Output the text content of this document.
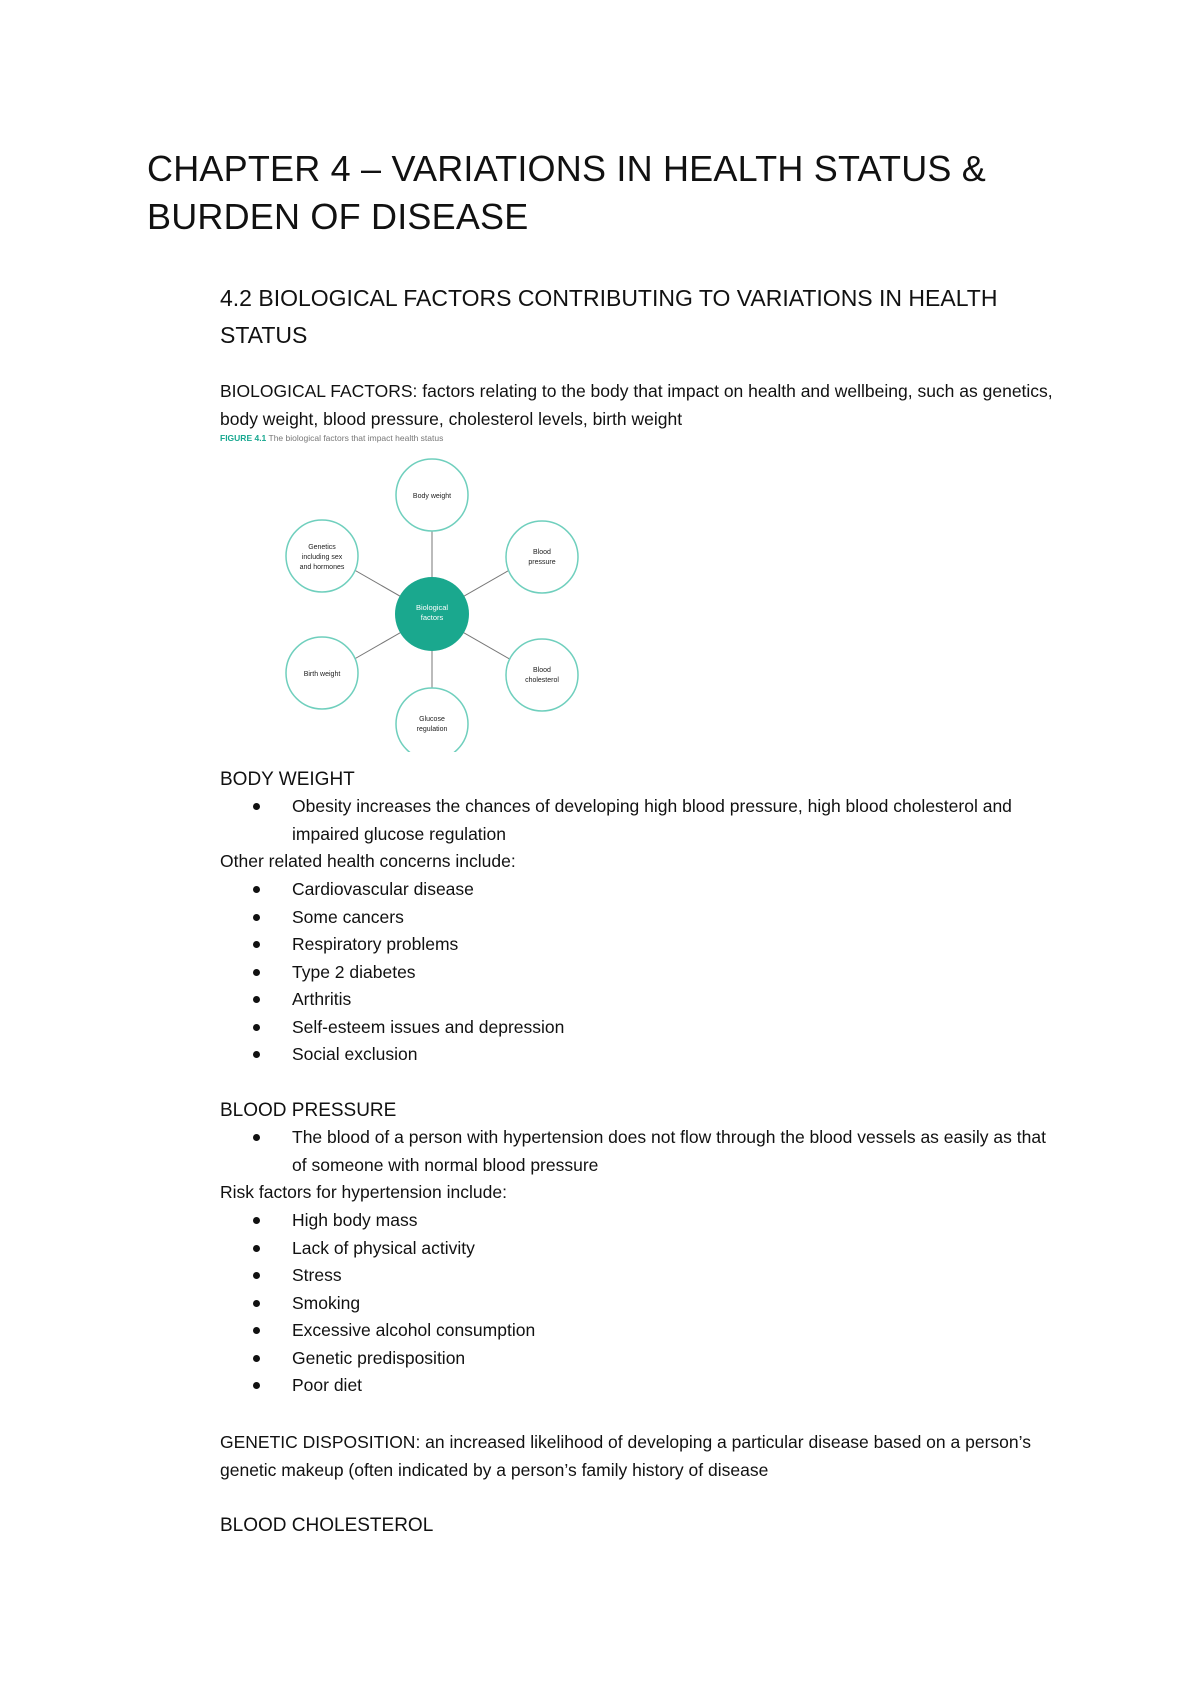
CHAPTER 4 – VARIATIONS IN HEALTH STATUS & BURDEN OF DISEASE
4.2 BIOLOGICAL FACTORS CONTRIBUTING TO VARIATIONS IN HEALTH STATUS
BIOLOGICAL FACTORS: factors relating to the body that impact on health and wellbeing, such as genetics, body weight, blood pressure, cholesterol levels, birth weight
FIGURE 4.1 The biological factors that impact health status
Biological
factors
Body weight
Blood
pressure
Blood
cholesterol
Glucose
regulation
Birth weight
Genetics
including sex
and hormones
BODY WEIGHT
Obesity increases the chances of developing high blood pressure, high blood cholesterol and impaired glucose regulation
Other related health concerns include:
Cardiovascular disease
Some cancers
Respiratory problems
Type 2 diabetes
Arthritis
Self-esteem issues and depression
Social exclusion
BLOOD PRESSURE
The blood of a person with hypertension does not flow through the blood vessels as easily as that of someone with normal blood pressure
Risk factors for hypertension include:
High body mass
Lack of physical activity
Stress
Smoking
Excessive alcohol consumption
Genetic predisposition
Poor diet
GENETIC DISPOSITION: an increased likelihood of developing a particular disease based on a person’s genetic makeup (often indicated by a person’s family history of disease
BLOOD CHOLESTEROL
